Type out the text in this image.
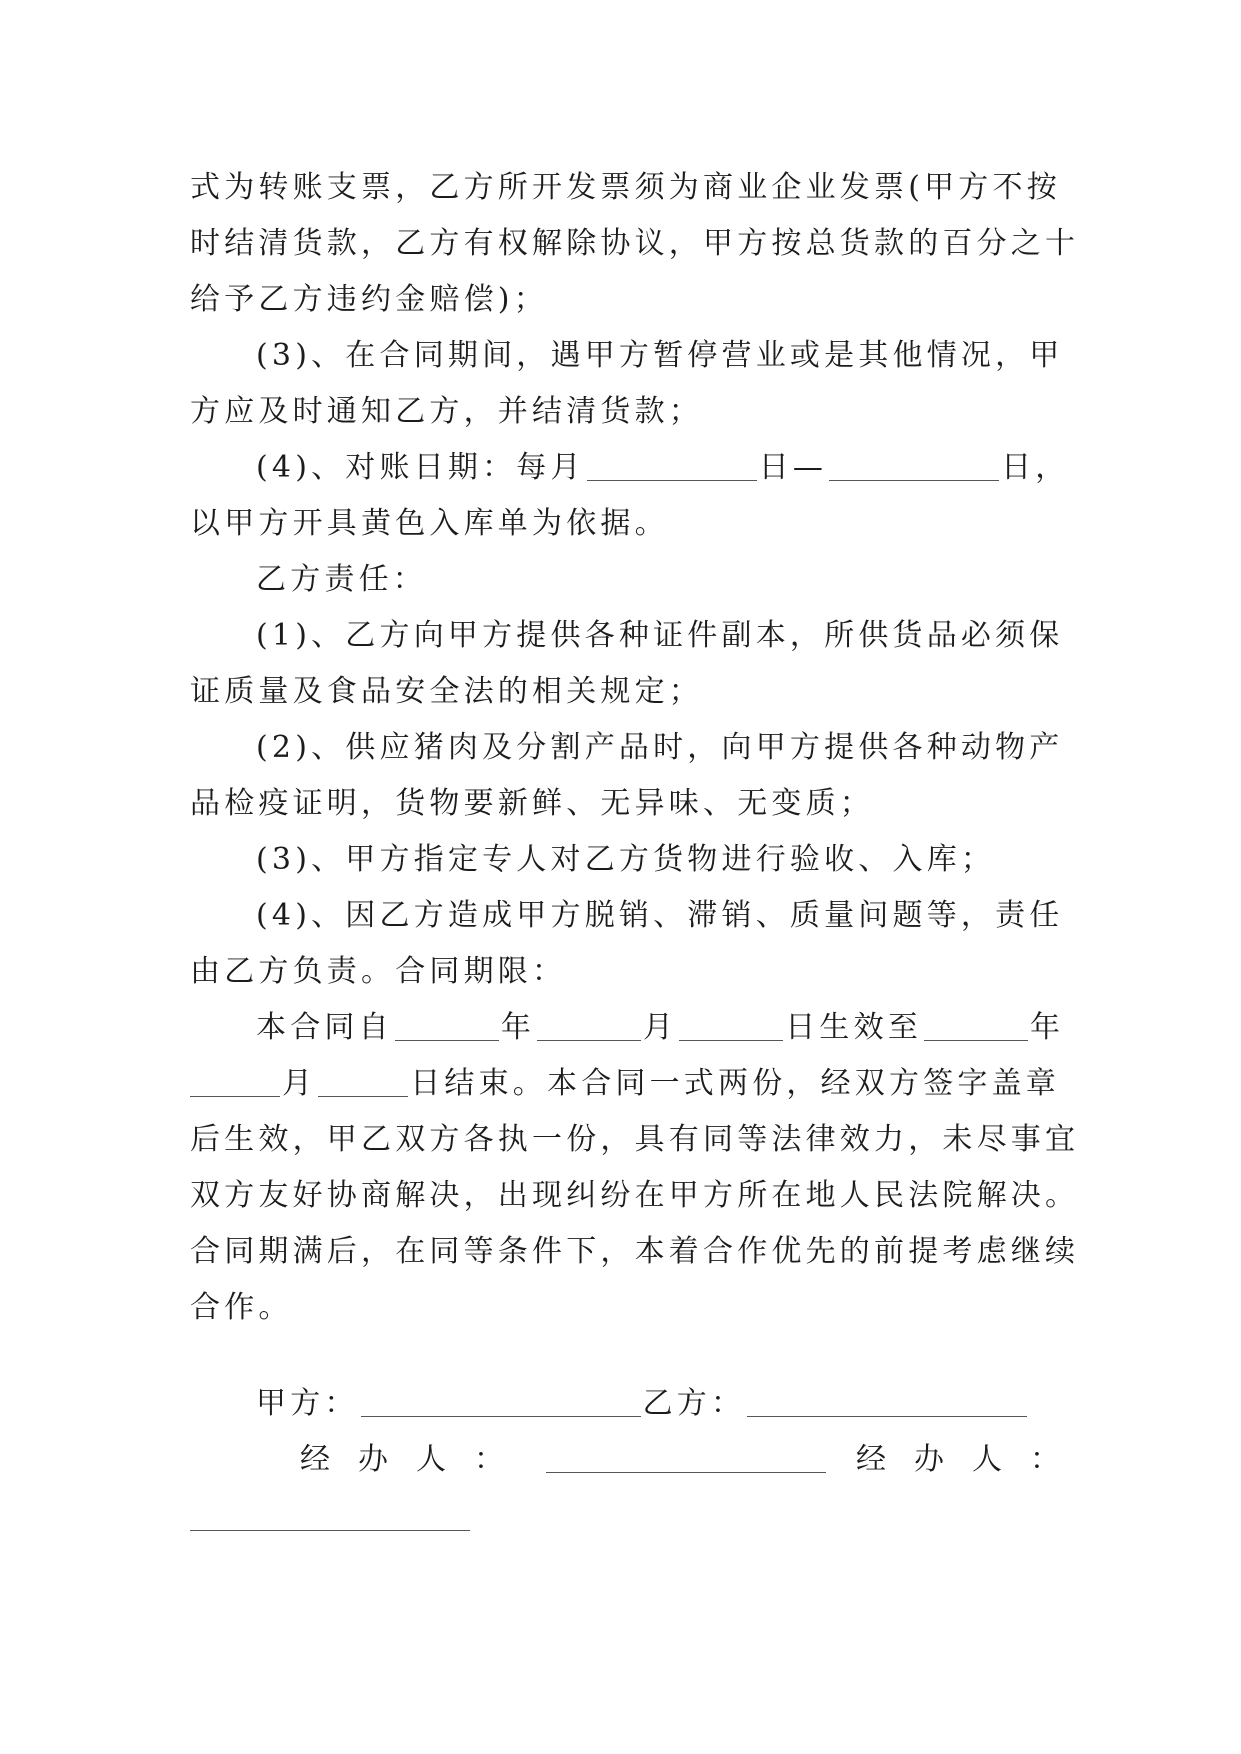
式为转账支票，乙方所开发票须为商业企业发票(甲方不按
时结清货款，乙方有权解除协议，甲方按总货款的百分之十
给予乙方违约金赔偿)；
(3)、在合同期间，遇甲方暂停营业或是其他情况，甲
方应及时通知乙方，并结清货款；
(4)、对账日期：每月	日—	日，
以甲方开具黄色入库单为依据。
乙方责任：
(1)、乙方向甲方提供各种证件副本，所供货品必须保
证质量及食品安全法的相关规定；
(2)、供应猪肉及分割产品时，向甲方提供各种动物产
品检疫证明，货物要新鲜、无异味、无变质；
(3)、甲方指定专人对乙方货物进行验收、入库；
(4)、因乙方造成甲方脱销、滞销、质量问题等，责任
由乙方负责。合同期限：
本合同自	年	月	日生效至	年
月	日结束。本合同一式两份，经双方签字盖章
后生效，甲乙双方各执一份，具有同等法律效力，未尽事宜
双方友好协商解决，出现纠纷在甲方所在地人民法院解决。
合同期满后，在同等条件下，本着合作优先的前提考虑继续
合作。
甲方：	乙方：
经办人：	经办人：
